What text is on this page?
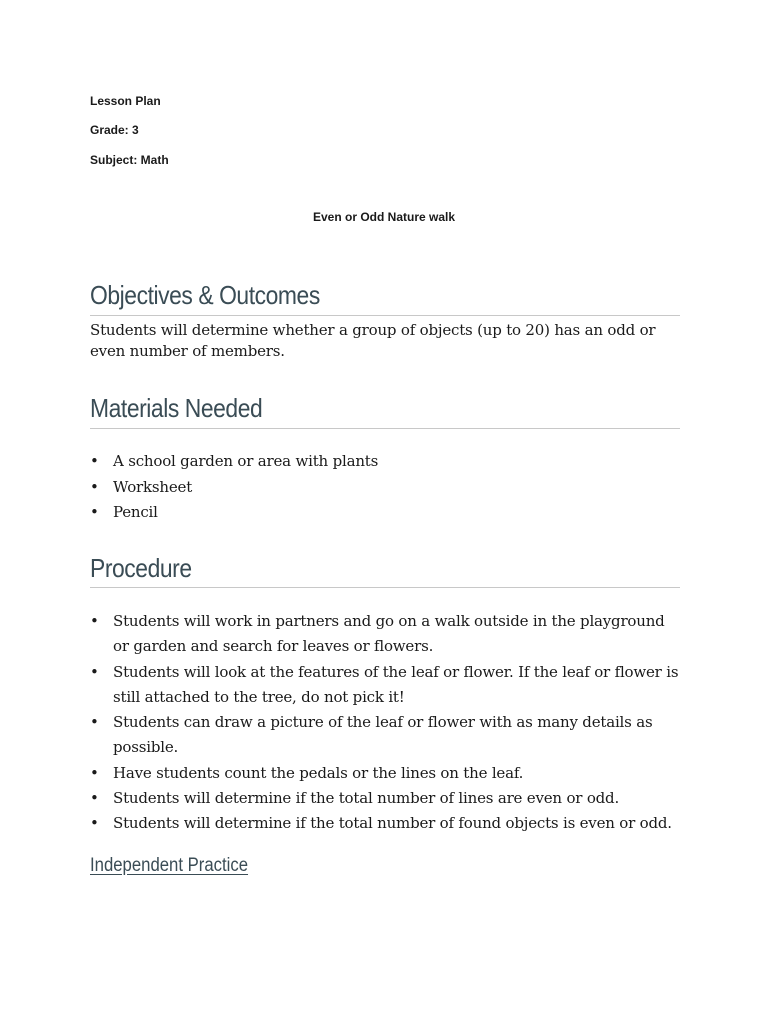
Lesson Plan

Grade: 3

Subject: Math

Even or Odd Nature walk

Objectives & Outcomes

Students will determine whether a group of objects (up to 20) has an odd or even number of members.

Materials Needed
• A school garden or area with plants
• Worksheet
• Pencil
Procedure
• Students will work in partners and go on a walk outside in the playground or garden and search for leaves or flowers.
• Students will look at the features of the leaf or flower. If the leaf or flower is still attached to the tree, do not pick it!
• Students can draw a picture of the leaf or flower with as many details as possible.
• Have students count the pedals or the lines on the leaf.
• Students will determine if the total number of lines are even or odd.
• Students will determine if the total number of found objects is even or odd.
Independent Practice
